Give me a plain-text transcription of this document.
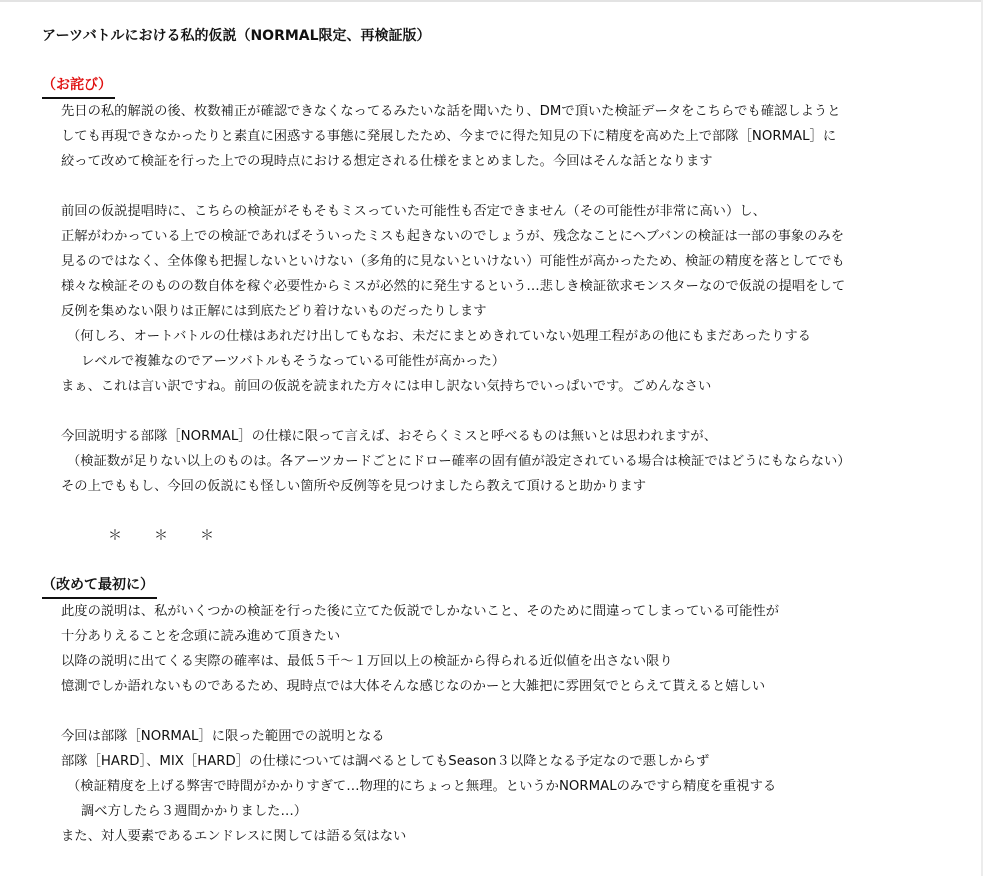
アーツバトルにおける私的仮説（NORMAL限定、再検証版）
（お詫び）
先日の私的解説の後、枚数補正が確認できなくなってるみたいな話を聞いたり、DMで頂いた検証データをこちらでも確認しようと
しても再現できなかったりと素直に困惑する事態に発展したため、今までに得た知見の下に精度を高めた上で部隊［NORMAL］に
絞って改めて検証を行った上での現時点における想定される仕様をまとめました。今回はそんな話となります
前回の仮説提唱時に、こちらの検証がそもそもミスっていた可能性も否定できません（その可能性が非常に高い）し、
正解がわかっている上での検証であればそういったミスも起きないのでしょうが、残念なことにヘブバンの検証は一部の事象のみを
見るのではなく、全体像も把握しないといけない（多角的に見ないといけない）可能性が高かったため、検証の精度を落としてでも
様々な検証そのものの数自体を稼ぐ必要性からミスが必然的に発生するという…悲しき検証欲求モンスターなので仮説の提唱をして
反例を集めない限りは正解には到底たどり着けないものだったりします
（何しろ、オートバトルの仕様はあれだけ出してもなお、未だにまとめきれていない処理工程があの他にもまだあったりする
レベルで複雑なのでアーツバトルもそうなっている可能性が高かった）
まぁ、これは言い訳ですね。前回の仮説を読まれた方々には申し訳ない気持ちでいっぱいです。ごめんなさい
今回説明する部隊［NORMAL］の仕様に限って言えば、おそらくミスと呼べるものは無いとは思われますが、
（検証数が足りない以上のものは。各アーツカードごとにドロー確率の固有値が設定されている場合は検証ではどうにもならない）
その上でももし、今回の仮説にも怪しい箇所や反例等を見つけましたら教えて頂けると助かります
＊ ＊ ＊
（改めて最初に）
此度の説明は、私がいくつかの検証を行った後に立てた仮説でしかないこと、そのために間違ってしまっている可能性が
十分ありえることを念頭に読み進めて頂きたい
以降の説明に出てくる実際の確率は、最低５千～１万回以上の検証から得られる近似値を出さない限り
憶測でしか語れないものであるため、現時点では大体そんな感じなのかーと大雑把に雰囲気でとらえて貰えると嬉しい
今回は部隊［NORMAL］に限った範囲での説明となる
部隊［HARD］、MIX［HARD］の仕様については調べるとしてもSeason３以降となる予定なので悪しからず
（検証精度を上げる弊害で時間がかかりすぎて…物理的にちょっと無理。というかNORMALのみですら精度を重視する
調べ方したら３週間かかりました…）
また、対人要素であるエンドレスに関しては語る気はない
